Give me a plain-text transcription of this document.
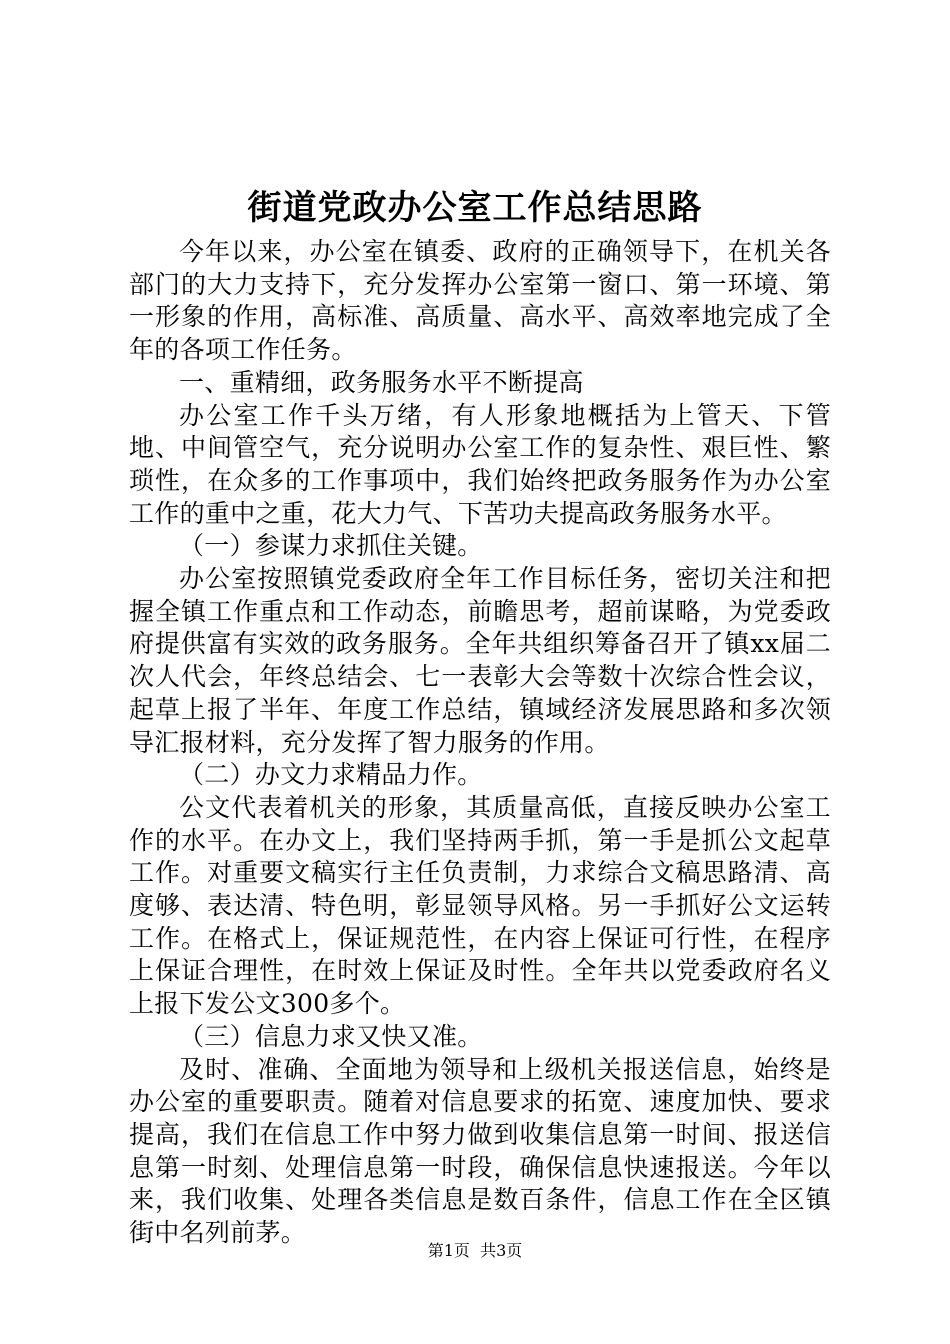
街道党政办公室工作总结思路

今年以来，办公室在镇委、政府的正确领导下，在机关各部门的大力支持下，充分发挥办公室第一窗口、第一环境、第一形象的作用，高标准、高质量、高水平、高效率地完成了全年的各项工作任务。

一、重精细，政务服务水平不断提高

办公室工作千头万绪，有人形象地概括为上管天、下管地、中间管空气，充分说明办公室工作的复杂性、艰巨性、繁琐性，在众多的工作事项中，我们始终把政务服务作为办公室工作的重中之重，花大力气、下苦功夫提高政务服务水平。

（一）参谋力求抓住关键。

办公室按照镇党委政府全年工作目标任务，密切关注和把握全镇工作重点和工作动态，前瞻思考，超前谋略，为党委政府提供富有实效的政务服务。全年共组织筹备召开了镇xx届二次人代会，年终总结会、七一表彰大会等数十次综合性会议，起草上报了半年、年度工作总结，镇域经济发展思路和多次领导汇报材料，充分发挥了智力服务的作用。

（二）办文力求精品力作。

公文代表着机关的形象，其质量高低，直接反映办公室工作的水平。在办文上，我们坚持两手抓，第一手是抓公文起草工作。对重要文稿实行主任负责制，力求综合文稿思路清、高度够、表达清、特色明，彰显领导风格。另一手抓好公文运转工作。在格式上，保证规范性，在内容上保证可行性，在程序上保证合理性，在时效上保证及时性。全年共以党委政府名义上报下发公文300多个。

（三）信息力求又快又准。

及时、准确、全面地为领导和上级机关报送信息，始终是办公室的重要职责。随着对信息要求的拓宽、速度加快、要求提高，我们在信息工作中努力做到收集信息第一时间、报送信息第一时刻、处理信息第一时段，确保信息快速报送。今年以来，我们收集、处理各类信息是数百条件，信息工作在全区镇街中名列前茅。

第1页 共3页
